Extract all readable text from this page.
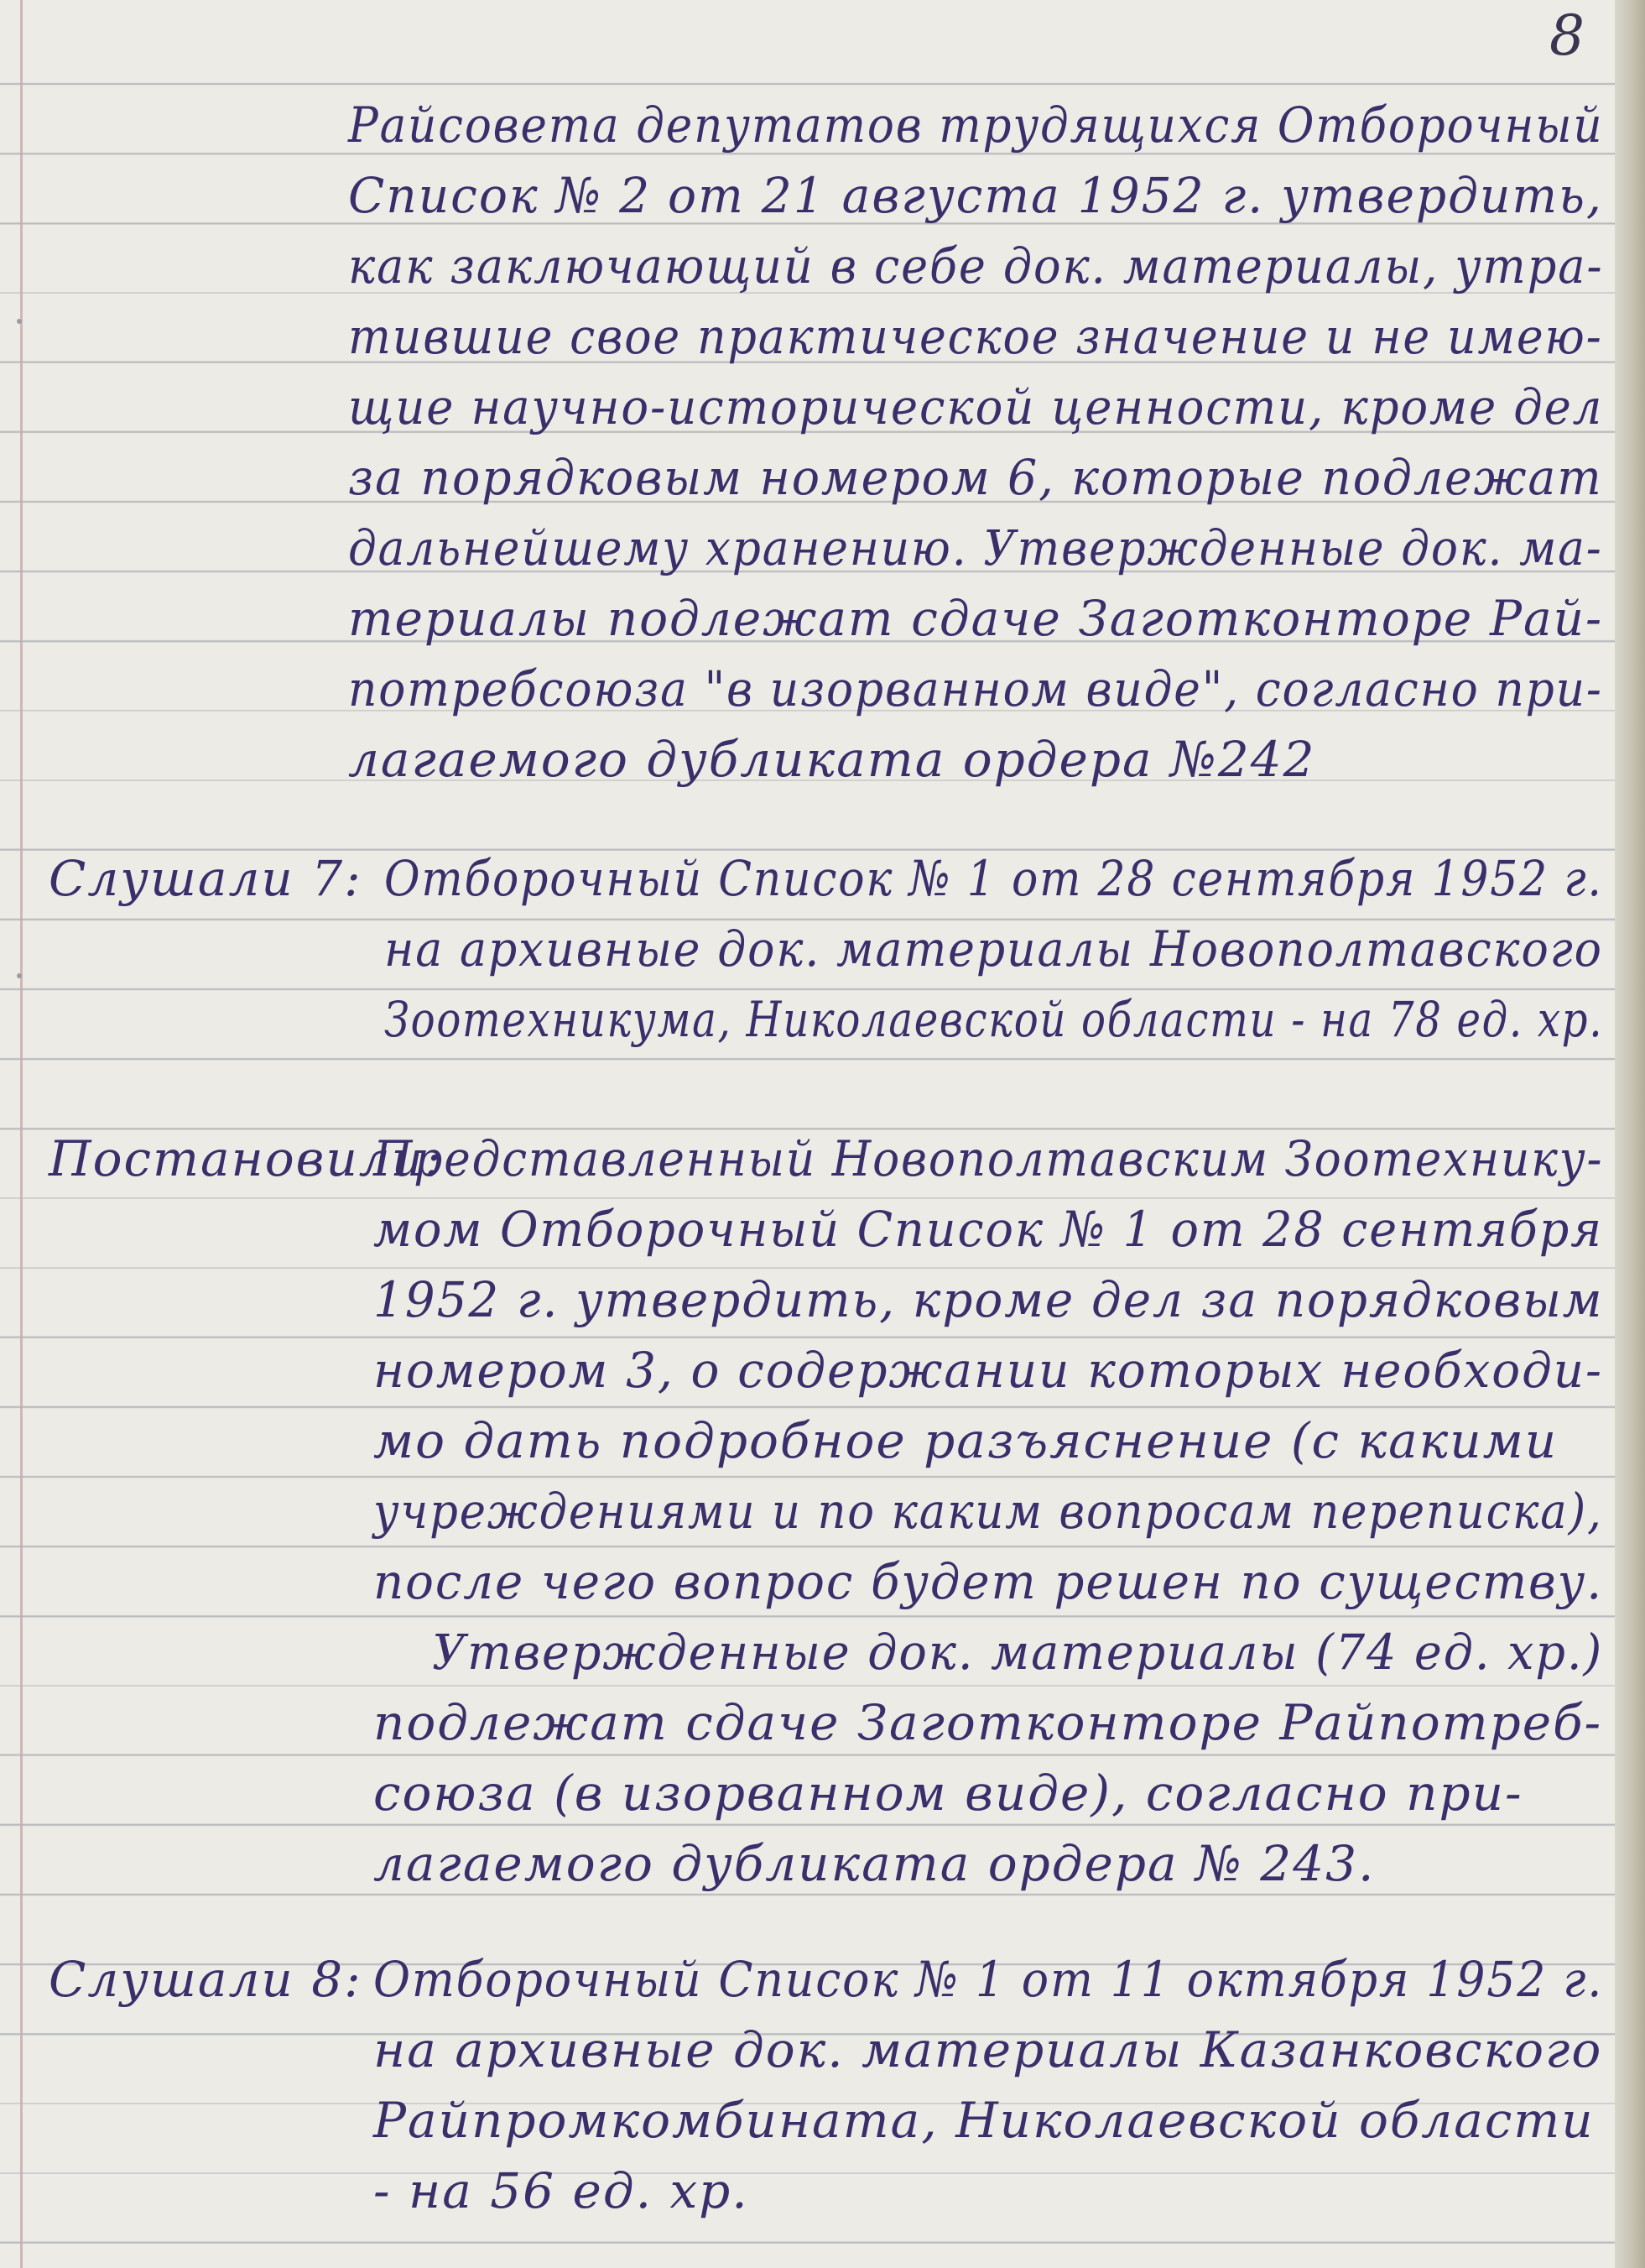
8
Райсовета депутатов трудящихся Отборочный
Список № 2 от 21 августа 1952 г. утвердить,
как заключающий в себе док. материалы, утра-
тившие свое практическое значение и не имею-
щие научно-исторической ценности, кроме дел
за порядковым номером 6, которые подлежат
дальнейшему хранению. Утвержденные док. ма-
териалы подлежат сдаче Заготконторе Рай-
потребсоюза "в изорванном виде", согласно при-
лагаемого дубликата ордера №242
Слушали 7: Отборочный Список № 1 от 28 сентября 1952 г.
на архивные док. материалы Новополтавского
Зоотехникума, Николаевской области - на 78 ед. хр.
Постановили:
Представленный Новополтавским Зоотехнику-
мом Отборочный Список № 1 от 28 сентября
1952 г. утвердить, кроме дел за порядковым
номером 3, о содержании которых необходи-
мо дать подробное разъяснение (с какими
учреждениями и по каким вопросам переписка),
после чего вопрос будет решен по существу.
Утвержденные док. материалы (74 ед. хр.)
подлежат сдаче Заготконторе Райпотреб-
союза (в изорванном виде), согласно при-
лагаемого дубликата ордера № 243.
Слушали 8: Отборочный Список № 1 от 11 октября 1952 г.
на архивные док. материалы Казанковского
Райпромкомбината, Николаевской области
- на 56 ед. хр.
